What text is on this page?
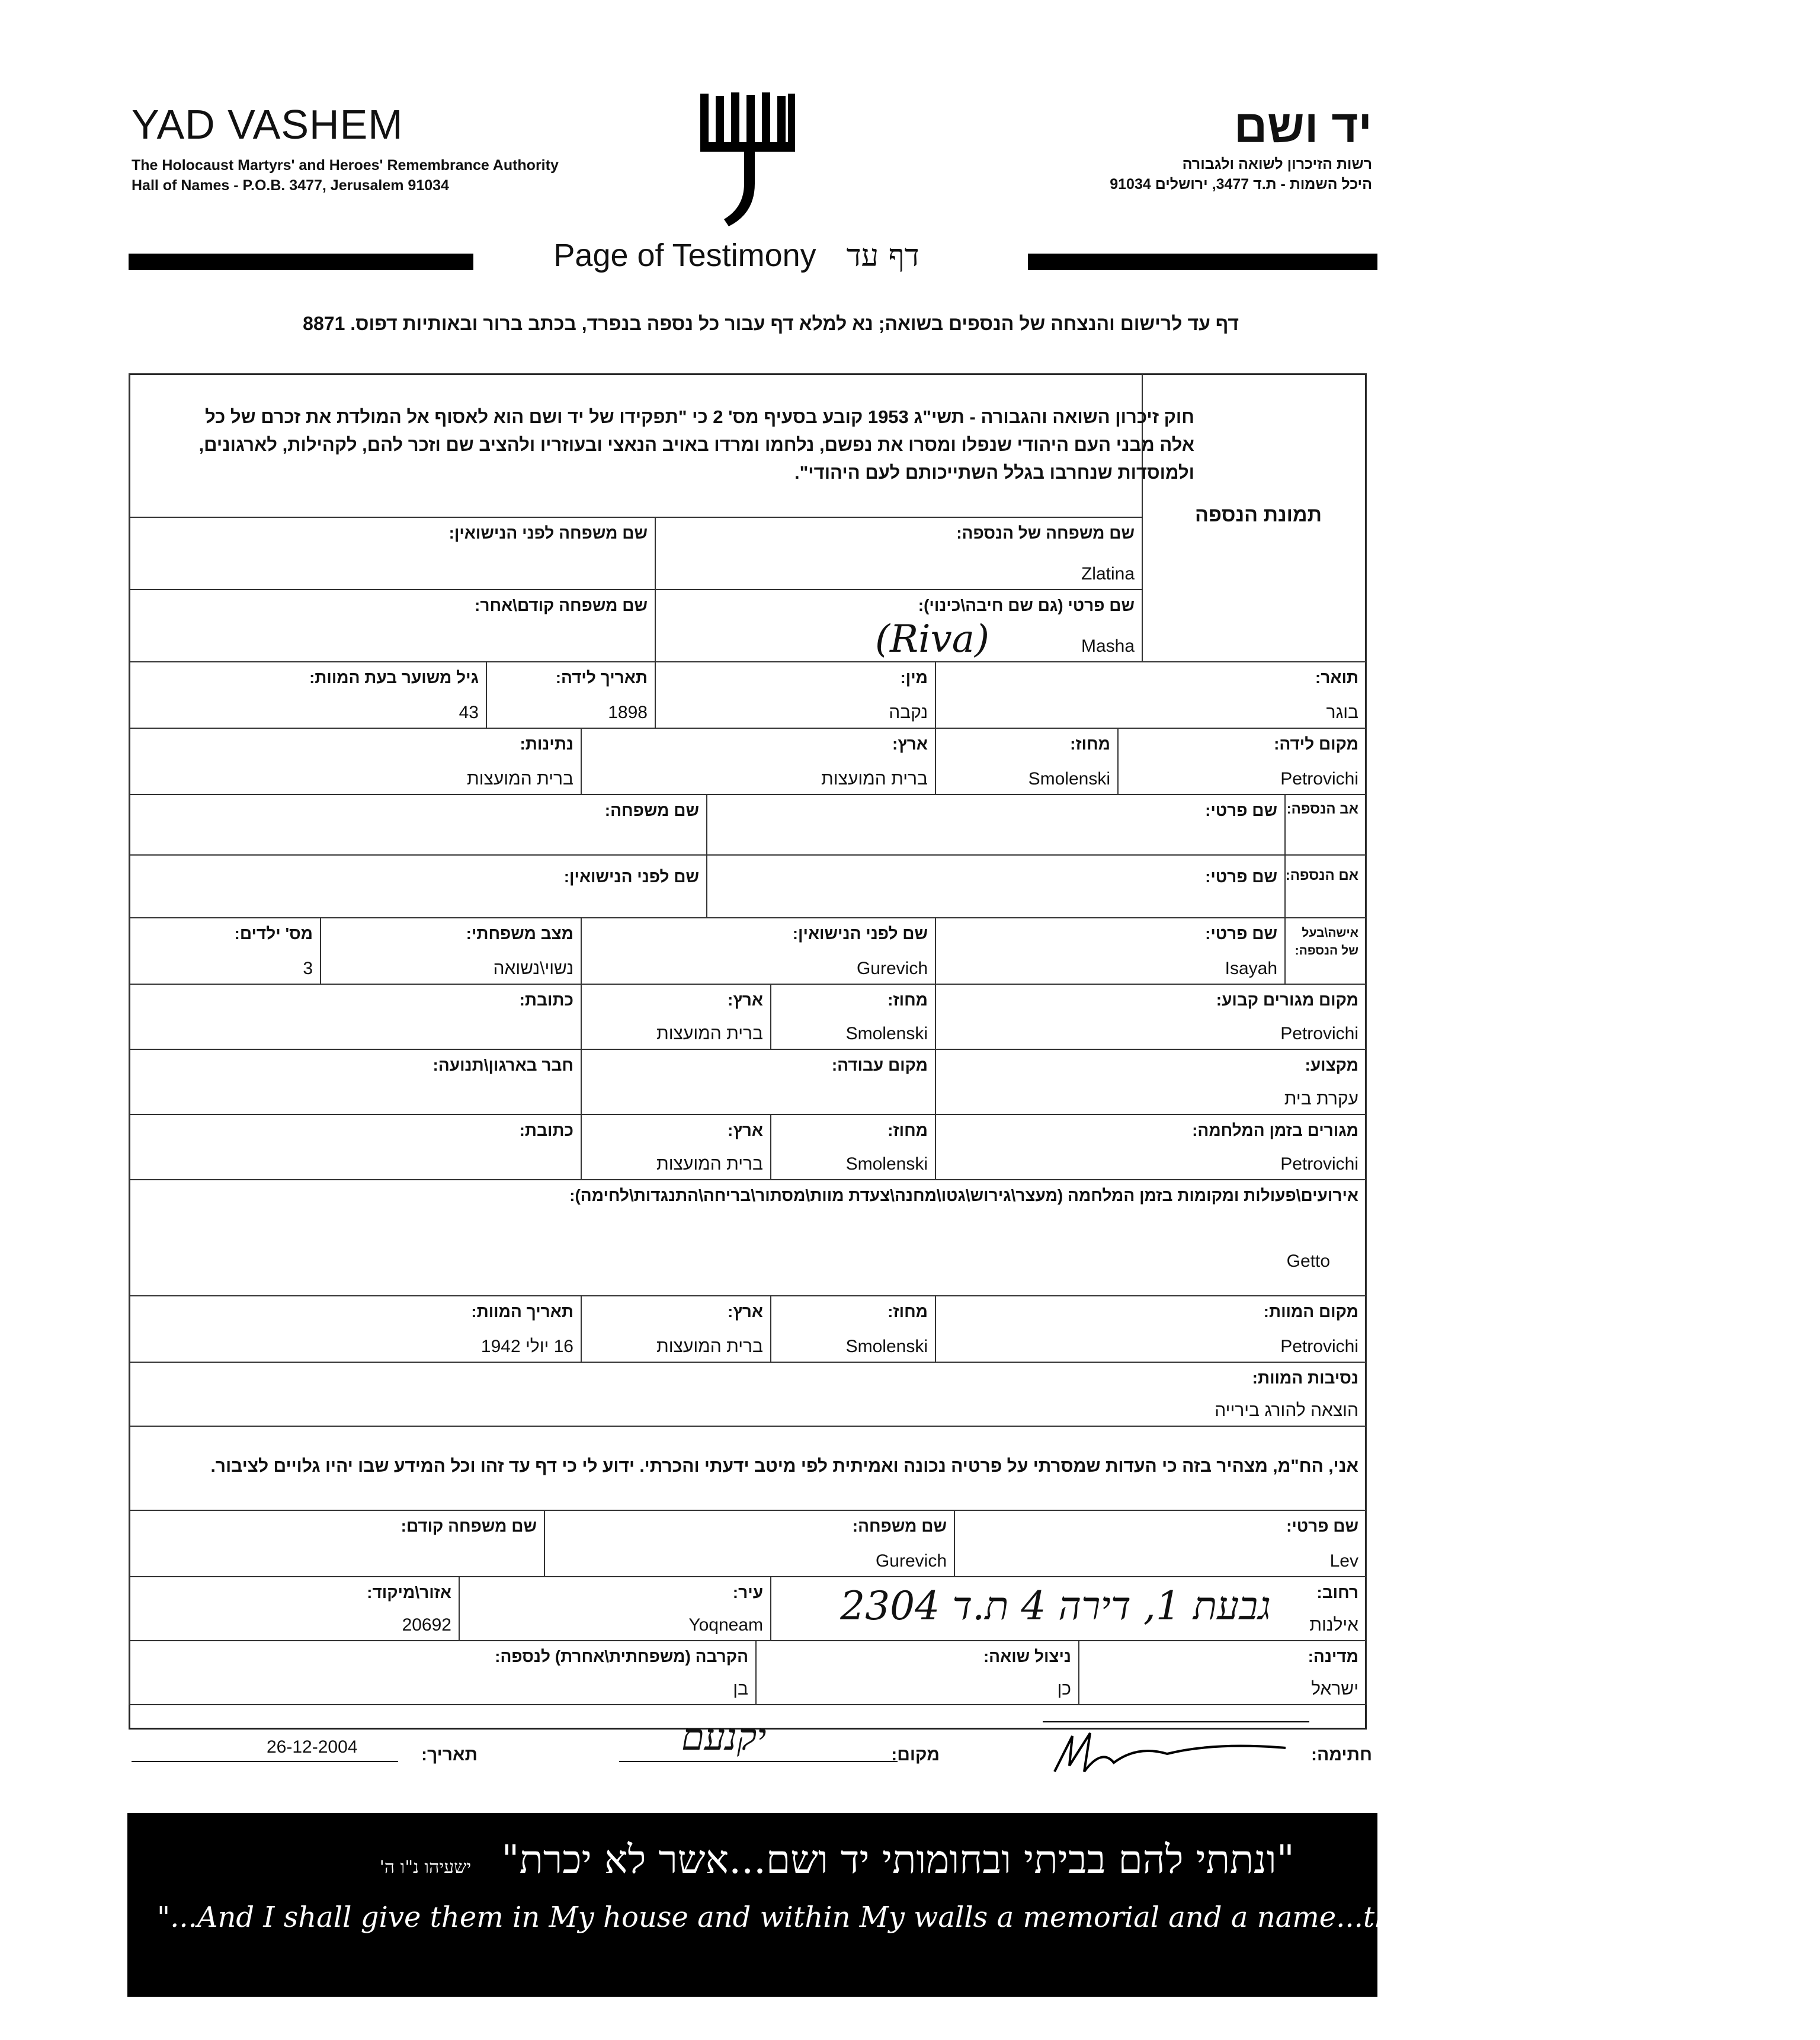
YAD VASHEM
The Holocaust Martyrs' and Heroes' Remembrance Authority
Hall of Names - P.O.B. 3477, Jerusalem 91034
יד ושם
רשות הזיכרון לשואה ולגבורה
היכל השמות - ת.ד 3477, ירושלים 91034
Page of Testimony דף עד
דף עד לרישום והנצחה של הנספים בשואה; נא למלא דף עבור כל נספה בנפרד, בכתב ברור ובאותיות דפוס. 8871
תמונת הנספה
חוק זיכרון השואה והגבורה - תשי"ג 1953 קובע בסעיף מס' 2 כי "תפקידו של יד ושם הוא לאסוף אל המולדת את זכרם של כל אלה מבני העם היהודי שנפלו ומסרו את נפשם, נלחמו ומרדו באויב הנאצי ובעוזריו ולהציב שם וזכר להם, לקהילות, לארגונים, ולמוסדות שנחרבו בגלל השתייכותם לעם היהודי".
שם משפחה של הנספה:
Zlatina
שם משפחה לפני הנישואין:
שם פרטי (גם שם חיבה\כינוי):
Masha
(Riva)
שם משפחה קודם\אחר:
תואר:
בוגר
מין:
נקבה
תאריך לידה:
1898
גיל משוער בעת המוות:
43
מקום לידה:
Petrovichi
מחוז:
Smolenski
ארץ:
ברית המועצות
נתינות:
ברית המועצות
אב הנספה:
שם פרטי:
שם משפחה:
אם הנספה:
שם פרטי:
שם לפני הנישואין:
אישה\בעל של הנספה:
שם פרטי:
Isayah
שם לפני הנישואין:
Gurevich
מצב משפחתי:
נשוי\נשואה
מס' ילדים:
3
מקום מגורים קבוע:
Petrovichi
מחוז:
Smolenski
ארץ:
ברית המועצות
כתובת:
מקצוע:
עקרת בית
מקום עבודה:
חבר בארגון\תנועה:
מגורים בזמן המלחמה:
Petrovichi
מחוז:
Smolenski
ארץ:
ברית המועצות
כתובת:
אירועים\פעולות ומקומות בזמן המלחמה (מעצר\גירוש\גטו\מחנה\צעדת מוות\מסתור\בריחה\התנגדות\לחימה):
Getto
מקום המוות:
Petrovichi
מחוז:
Smolenski
ארץ:
ברית המועצות
תאריך המוות:
16 יולי 1942
נסיבות המוות:
הוצאה להורג בירייה
אני, הח"מ, מצהיר בזה כי העדות שמסרתי על פרטיה נכונה ואמיתית לפי מיטב ידעתי והכרתי. ידוע לי כי דף עד זהו וכל המידע שבו יהיו גלויים לציבור.
שם פרטי:
Lev
שם משפחה:
Gurevich
שם משפחה קודם:
רחוב:
אילנות
גבעת 1, דירה 4 ת.ד 2304
עיר:
Yoqneam
אזור\מיקוד:
20692
מדינה:
ישראל
ניצול שואה:
כן
הקרבה (משפחתית\אחרת) לנספה:
בן
חתימה:
מקום:
יקנעם
תאריך:
26-12-2004
"ונתתי להם בביתי ובחומותי יד ושם...אשר לא יכרת" ישעיהו נ"ו ה'
"...And I shall give them in My house and within My walls a memorial and a name...that shall not be cut off" Isaiah. 56:5
